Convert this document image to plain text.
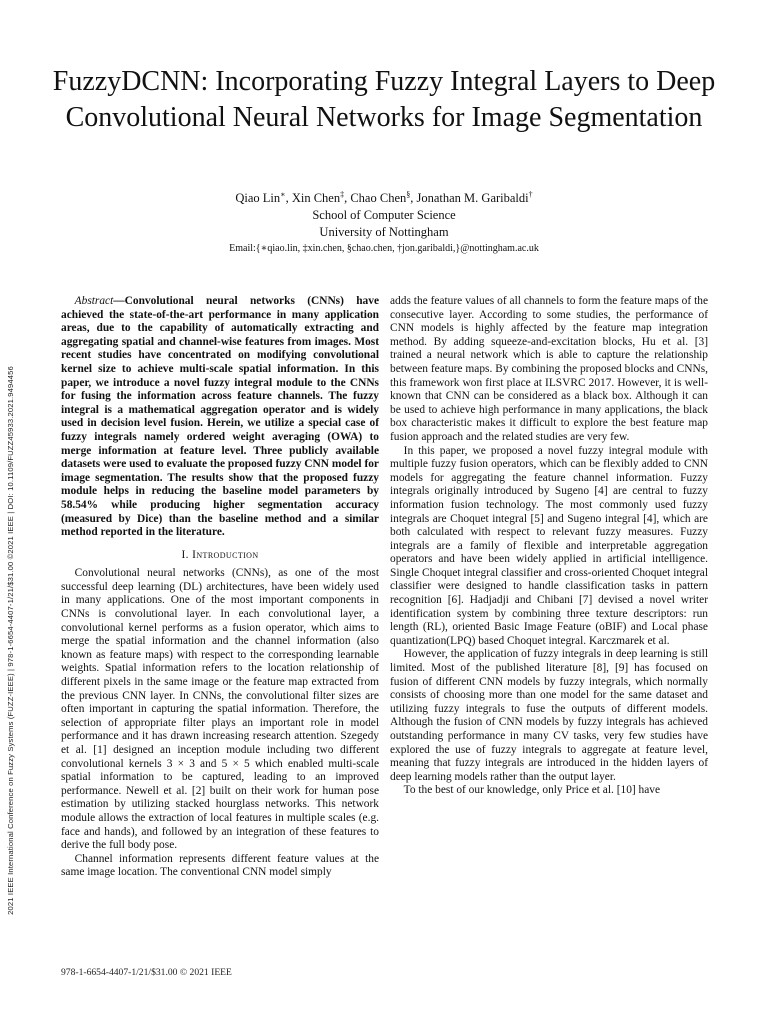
2021 IEEE International Conference on Fuzzy Systems (FUZZ-IEEE) | 978-1-6654-4407-1/21/$31.00 ©2021 IEEE | DOI: 10.1109/FUZZ45933.2021.9494456
FuzzyDCNN: Incorporating Fuzzy Integral Layers to Deep Convolutional Neural Networks for Image Segmentation
Qiao Lin∗, Xin Chen‡, Chao Chen§, Jonathan M. Garibaldi†
School of Computer Science
University of Nottingham
Email:{∗qiao.lin, ‡xin.chen, §chao.chen, †jon.garibaldi,}@nottingham.ac.uk

Abstract—Convolutional neural networks (CNNs) have achieved the state-of-the-art performance in many application areas, due to the capability of automatically extracting and aggregating spatial and channel-wise features from images. Most recent studies have concentrated on modifying convolutional kernel size to achieve multi-scale spatial information. In this paper, we introduce a novel fuzzy integral module to the CNNs for fusing the information across feature channels. The fuzzy integral is a mathematical aggregation operator and is widely used in decision level fusion. Herein, we utilize a special case of fuzzy integrals namely ordered weight averaging (OWA) to merge information at feature level. Three publicly available datasets were used to evaluate the proposed fuzzy CNN model for image segmentation. The results show that the proposed fuzzy module helps in reducing the baseline model parameters by 58.54% while producing higher segmentation accuracy (measured by Dice) than the baseline method and a similar method reported in the literature.

I. Introduction

Convolutional neural networks (CNNs), as one of the most successful deep learning (DL) architectures, have been widely used in many applications. One of the most important components in CNNs is convolutional layer. In each convolutional layer, a convolutional kernel performs as a fusion operator, which aims to merge the spatial information and the channel information (also known as feature maps) with respect to the corresponding learnable weights. Spatial information refers to the location relationship of different pixels in the same image or the feature map extracted from the previous CNN layer. In CNNs, the convolutional filter sizes are often important in capturing the spatial information. Therefore, the selection of appropriate filter plays an important role in model performance and it has drawn increasing research attention. Szegedy et al. [1] designed an inception module including two different convolutional kernels 3 × 3 and 5 × 5 which enabled multi-scale spatial information to be captured, leading to an improved performance. Newell et al. [2] built on their work for human pose estimation by utilizing stacked hourglass networks. This network module allows the extraction of local features in multiple scales (e.g. face and hands), and followed by an integration of these features to derive the full body pose.

Channel information represents different feature values at the same image location. The conventional CNN model simply

adds the feature values of all channels to form the feature maps of the consecutive layer. According to some studies, the performance of CNN models is highly affected by the feature map integration method. By adding squeeze-and-excitation blocks, Hu et al. [3] trained a neural network which is able to capture the relationship between feature maps. By combining the proposed blocks and CNNs, this framework won first place at ILSVRC 2017. However, it is well-known that CNN can be considered as a black box. Although it can be used to achieve high performance in many applications, the black box characteristic makes it difficult to explore the best feature map fusion approach and the related studies are very few.

In this paper, we proposed a novel fuzzy integral module with multiple fuzzy fusion operators, which can be flexibly added to CNN models for aggregating the feature channel information. Fuzzy integrals originally introduced by Sugeno [4] are central to fuzzy information fusion technology. The most commonly used fuzzy integrals are Choquet integral [5] and Sugeno integral [4], which are both calculated with respect to relevant fuzzy measures. Fuzzy integrals are a family of flexible and interpretable aggregation operators and have been widely applied in artificial intelligence. Single Choquet integral classifier and cross-oriented Choquet integral classifier were designed to handle classification tasks in pattern recognition [6]. Hadjadji and Chibani [7] devised a novel writer identification system by combining three texture descriptors: run length (RL), oriented Basic Image Feature (oBIF) and Local phase quantization(LPQ) based Choquet integral. Karczmarek et al.

However, the application of fuzzy integrals in deep learning is still limited. Most of the published literature [8], [9] has focused on fusion of different CNN models by fuzzy integrals, which normally consists of choosing more than one model for the same dataset and utilizing fuzzy integrals to fuse the outputs of different models. Although the fusion of CNN models by fuzzy integrals has achieved outstanding performance in many CV tasks, very few studies have explored the use of fuzzy integrals to aggregate at feature level, meaning that fuzzy integrals are introduced in the hidden layers of deep learning models rather than the output layer.

To the best of our knowledge, only Price et al. [10] have

978-1-6654-4407-1/21/$31.00 © 2021 IEEE
